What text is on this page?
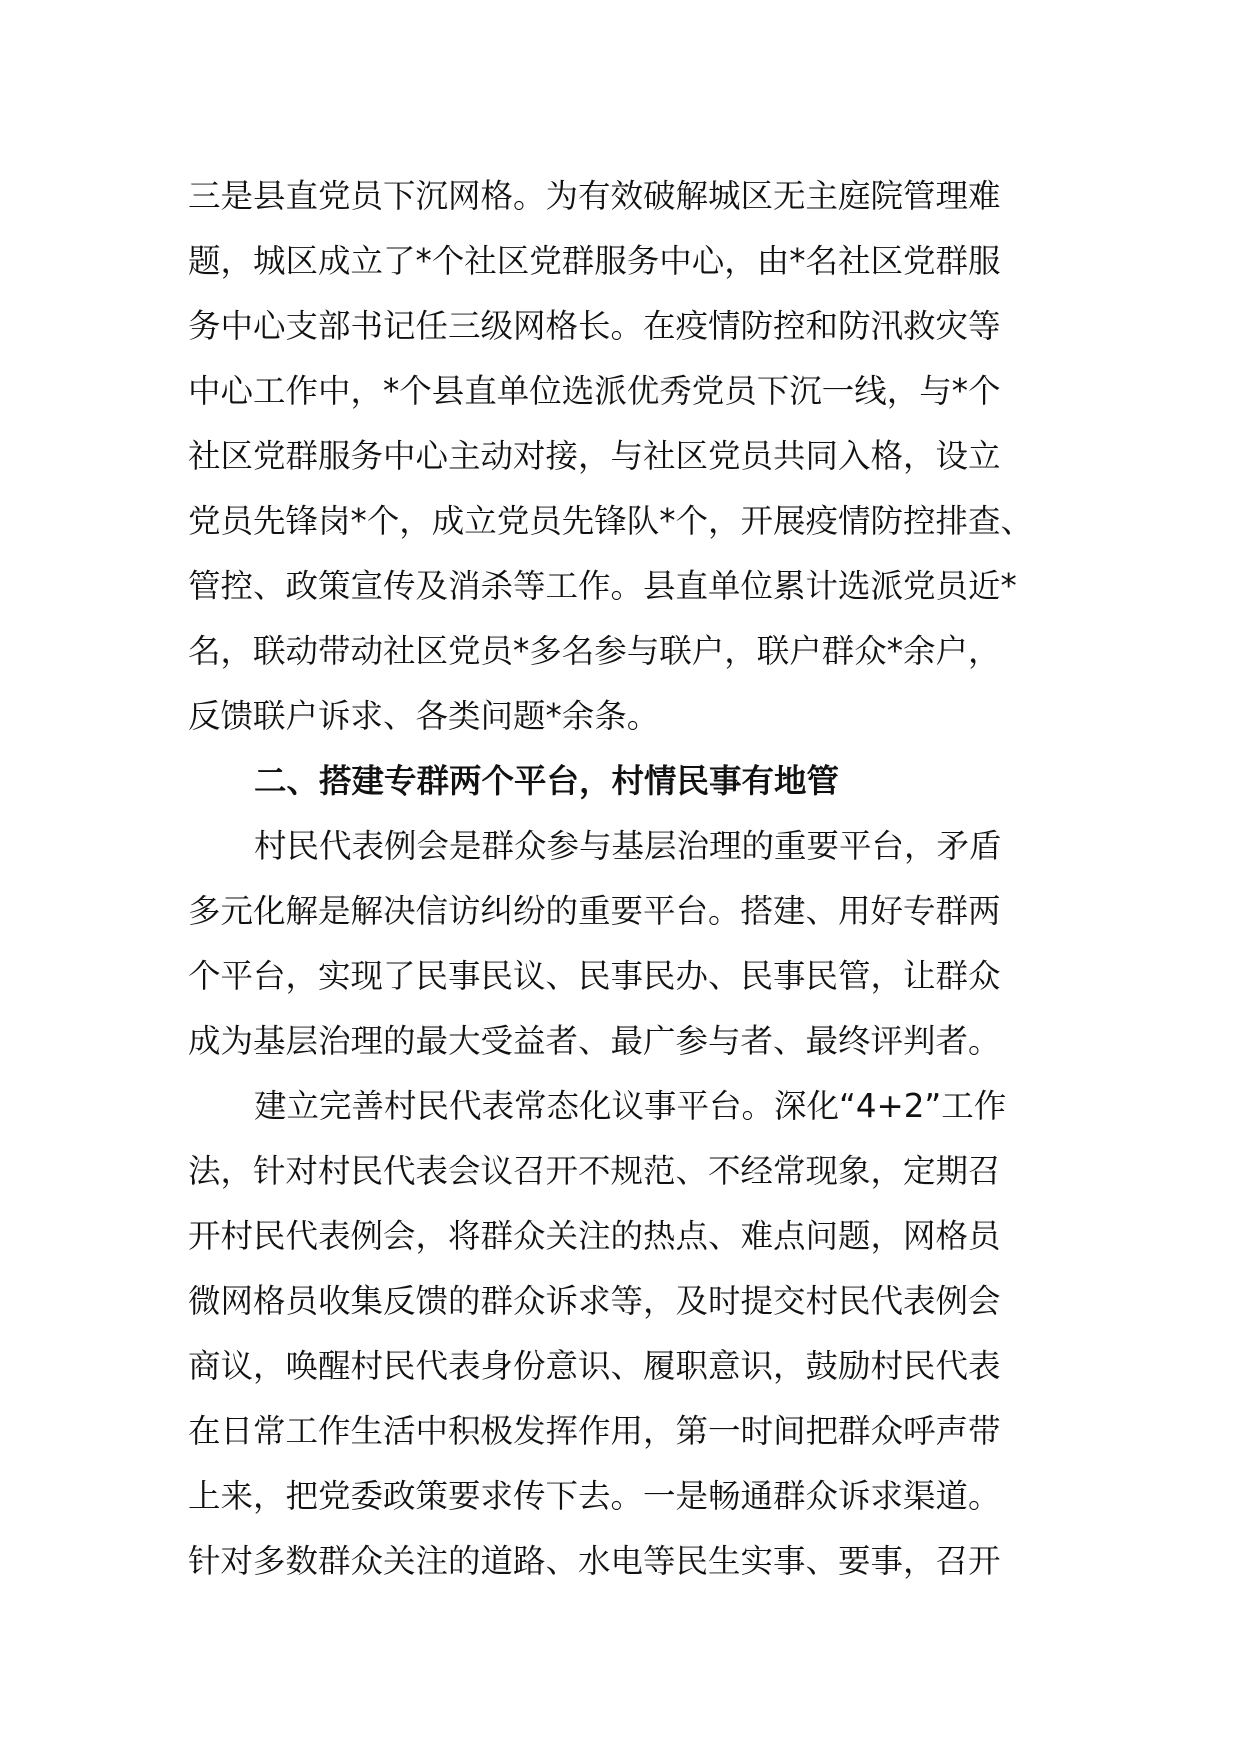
三是县直党员下沉网格。为有效破解城区无主庭院管理难
题，城区成立了*个社区党群服务中心，由*名社区党群服
务中心支部书记任三级网格长。在疫情防控和防汛救灾等
中心工作中，*个县直单位选派优秀党员下沉一线，与*个
社区党群服务中心主动对接，与社区党员共同入格，设立
党员先锋岗*个，成立党员先锋队*个，开展疫情防控排查、
管控、政策宣传及消杀等工作。县直单位累计选派党员近*
名，联动带动社区党员*多名参与联户，联户群众*余户，
反馈联户诉求、各类问题*余条。
二、搭建专群两个平台，村情民事有地管
村民代表例会是群众参与基层治理的重要平台，矛盾
多元化解是解决信访纠纷的重要平台。搭建、用好专群两
个平台，实现了民事民议、民事民办、民事民管，让群众
成为基层治理的最大受益者、最广参与者、最终评判者。
建立完善村民代表常态化议事平台。深化“4+2”工作
法，针对村民代表会议召开不规范、不经常现象，定期召
开村民代表例会，将群众关注的热点、难点问题，网格员
微网格员收集反馈的群众诉求等，及时提交村民代表例会
商议，唤醒村民代表身份意识、履职意识，鼓励村民代表
在日常工作生活中积极发挥作用，第一时间把群众呼声带
上来，把党委政策要求传下去。一是畅通群众诉求渠道。
针对多数群众关注的道路、水电等民生实事、要事，召开
